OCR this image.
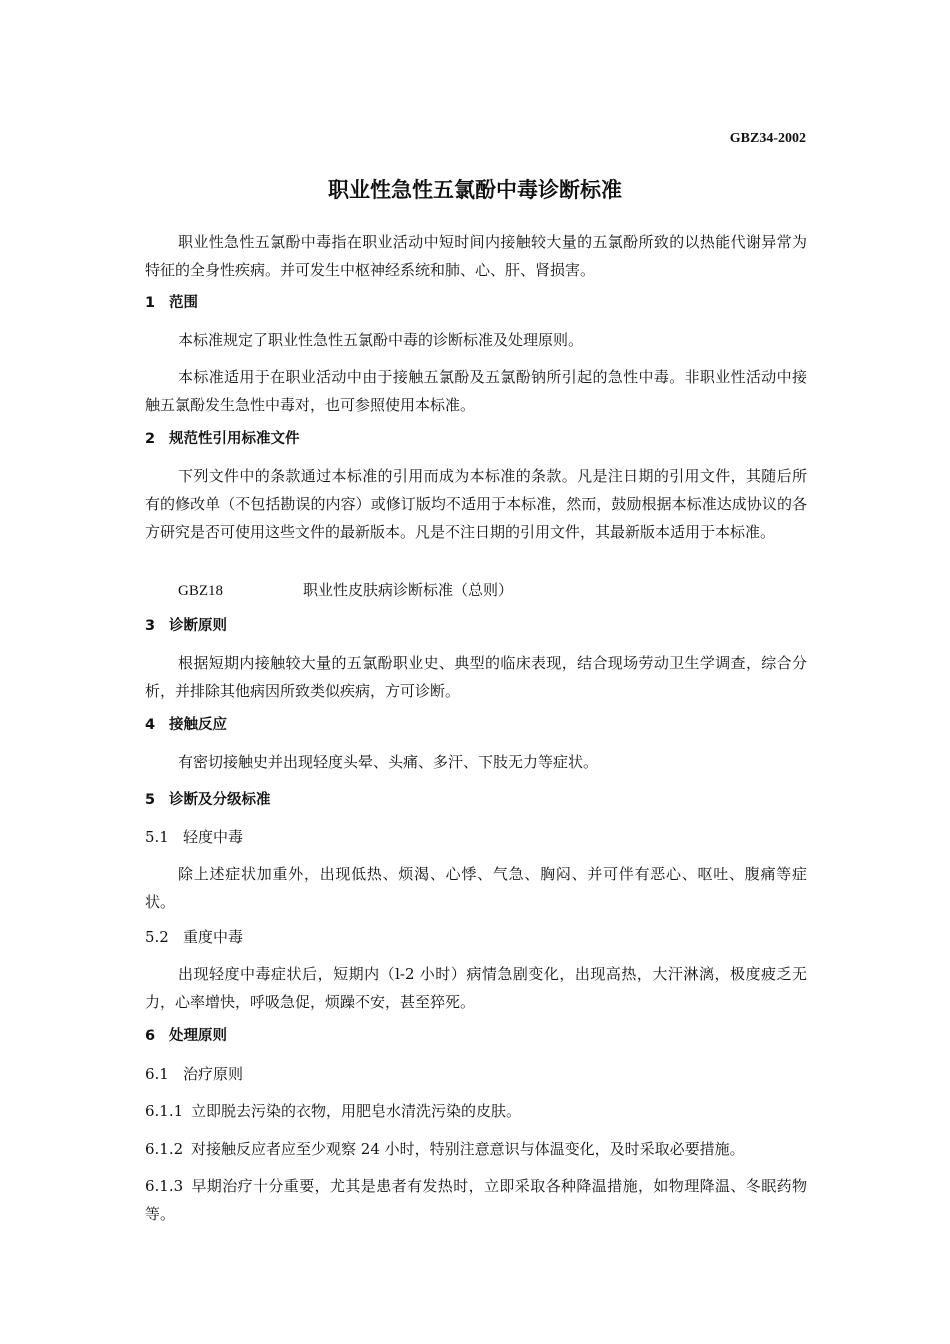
GBZ34-2002
职业性急性五氯酚中毒诊断标准
职业性急性五氯酚中毒指在职业活动中短时间内接触较大量的五氯酚所致的以热能代谢异常为特征的全身性疾病。并可发生中枢神经系统和肺、心、肝、肾损害。
1 范围
本标准规定了职业性急性五氯酚中毒的诊断标准及处理原则。
本标准适用于在职业活动中由于接触五氯酚及五氯酚钠所引起的急性中毒。非职业性活动中接触五氯酚发生急性中毒对，也可参照使用本标准。
2 规范性引用标准文件
下列文件中的条款通过本标准的引用而成为本标准的条款。凡是注日期的引用文件，其随后所有的修改单（不包括勘误的内容）或修订版均不适用于本标准，然而，鼓励根据本标准达成协议的各方研究是否可使用这些文件的最新版本。凡是不注日期的引用文件，其最新版本适用于本标准。
GBZ18	职业性皮肤病诊断标准（总则）
3 诊断原则
根据短期内接触较大量的五氯酚职业史、典型的临床表现，结合现场劳动卫生学调查，综合分析，并排除其他病因所致类似疾病，方可诊断。
4 接触反应
有密切接触史并出现轻度头晕、头痛、多汗、下肢无力等症状。
5 诊断及分级标准
5.1 轻度中毒
除上述症状加重外，出现低热、烦渴、心悸、气急、胸闷、并可伴有恶心、呕吐、腹痛等症状。
5.2 重度中毒
出现轻度中毒症状后，短期内（l-2 小时）病情急剧变化，出现高热，大汗淋漓，极度疲乏无力，心率增快，呼吸急促，烦躁不安，甚至猝死。
6 处理原则
6.1 治疗原则
6.1.1 立即脱去污染的衣物，用肥皂水清洗污染的皮肤。
6.1.2 对接触反应者应至少观察 24 小时，特别注意意识与体温变化，及时采取必要措施。
6.1.3 早期治疗十分重要，尤其是患者有发热时，立即采取各种降温措施，如物理降温、冬眠药物等。
